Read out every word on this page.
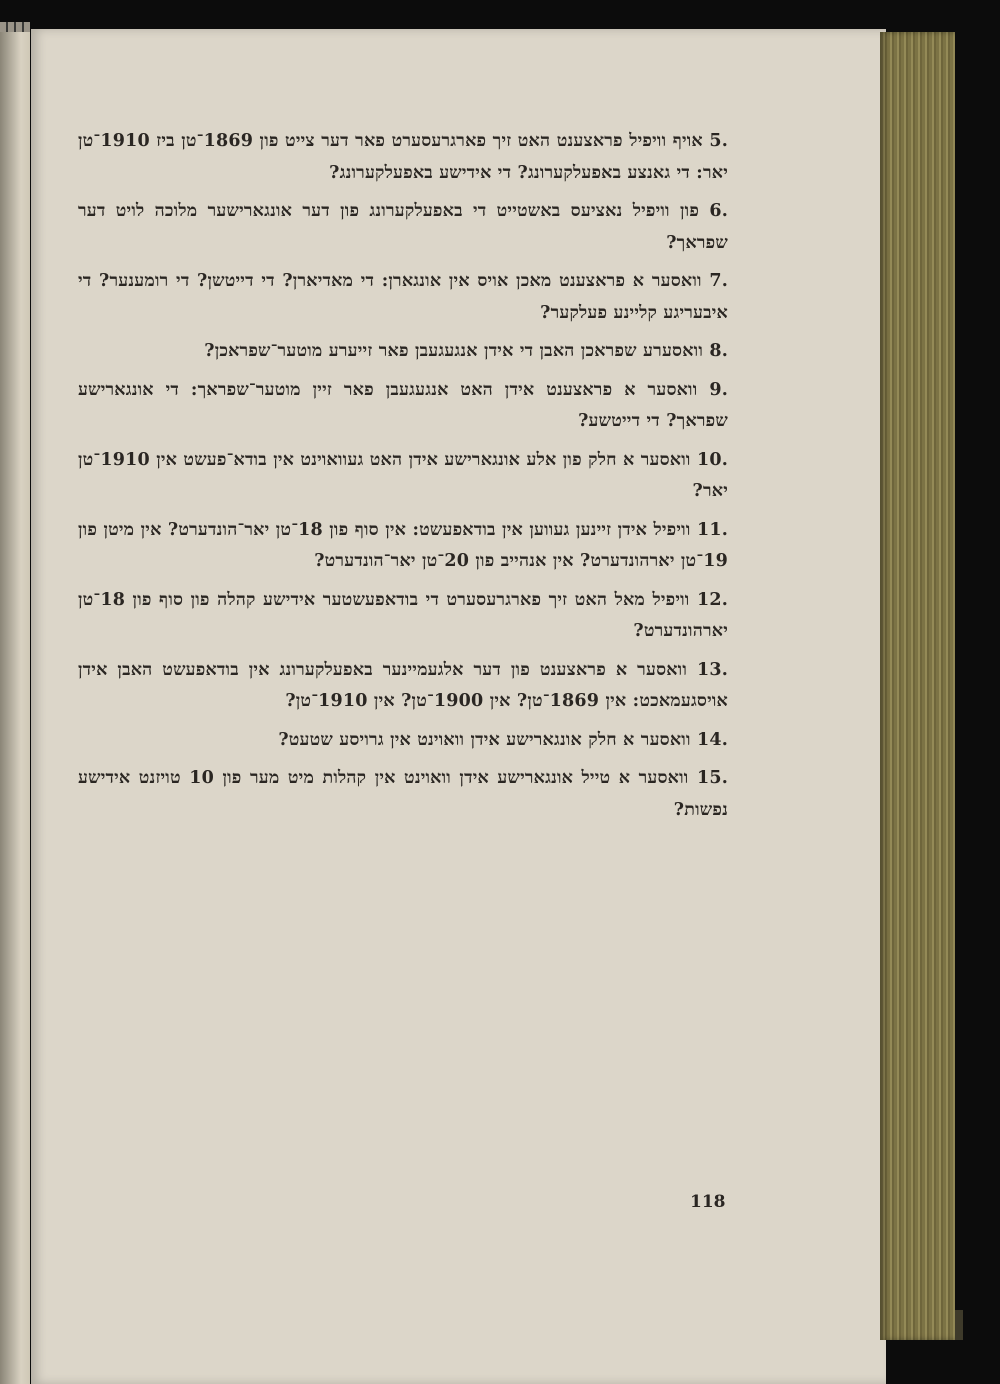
.5 אויף וויפיל פראצענט האט זיך פארגרעסערט פאר דער צייט פון 1869־טן ביז 1910־טן יאר: די גאנצע באפעלקערונג? די אידישע באפעלקערונג?

.6 פון וויפיל נאציעס באשטייט די באפעלקערונג פון דער אונגארישער מלוכה לויט דער שפראך?

.7 וואסער א פראצענט מאכן אויס אין אונגארן: די מאדיארן? די דייטשן? די רומענער? די איבעריגע קליינע פעלקער?

.8 וואסערע שפראכן האבן די אידן אנגעגעבן פאר זייערע מוטער־שפראכן?

.9 וואסער א פראצענט אידן האט אנגעגעבן פאר זיין מוטער־שפראך: די אונגארישע שפראך? די דייטשע?

.10 וואסער א חלק פון אלע אונגארישע אידן האט געוואוינט אין בודא־פעשט אין 1910־טן יאר?

.11 וויפיל אידן זיינען געווען אין בודאפעשט: אין סוף פון 18־טן יאר־הונדערט? אין מיטן פון 19־טן יארהונדערט? אין אנהייב פון 20־טן יאר־הונדערט?

.12 וויפיל מאל האט זיך פארגרעסערט די בודאפעשטער אידישע קהלה פון סוף פון 18־טן יארהונדערט?

.13 וואסער א פראצענט פון דער אלגעמיינער באפעלקערונג אין בודאפעשט האבן אידן אויסגעמאכט: אין 1869־טן? אין 1900־טן? אין 1910־טן?

.14 וואסער א חלק אונגארישע אידן וואוינט אין גרויסע שטעט?

.15 וואסער א טייל אונגארישע אידן וואוינט אין קהלות מיט מער פון 10 טויזנט אידישע נפשות?

118
